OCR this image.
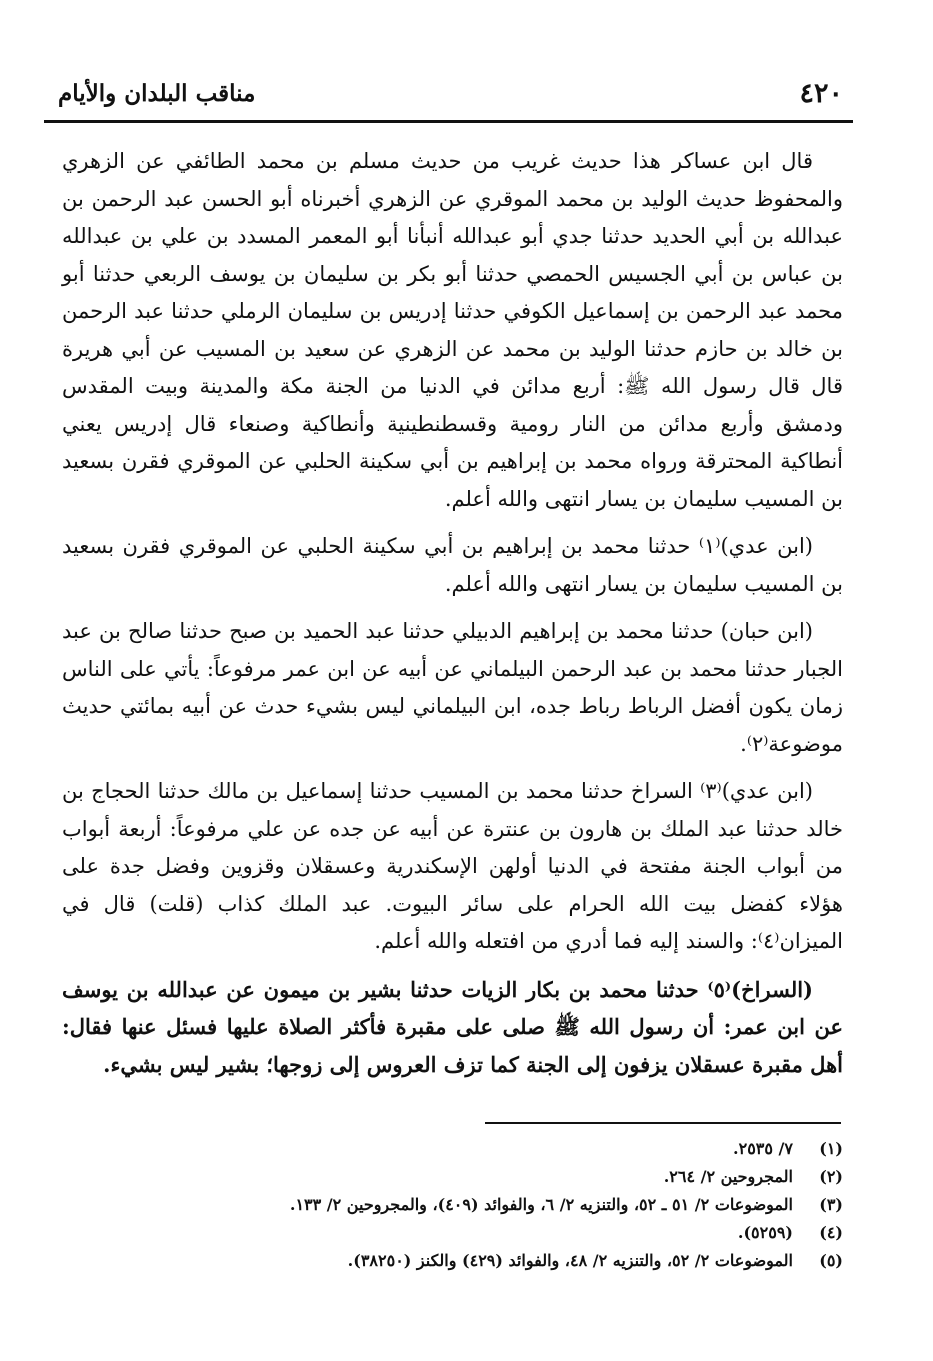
٤٢٠
مناقب البلدان والأيام

قال ابن عساكر هذا حديث غريب من حديث مسلم بن محمد الطائفي عن الزهري والمحفوظ حديث الوليد بن محمد الموقري عن الزهري أخبرناه أبو الحسن عبد الرحمن بن عبدالله بن أبي الحديد حدثنا جدي أبو عبدالله أنبأنا أبو المعمر المسدد بن علي بن عبدالله بن عباس بن أبي الجسيس الحمصي حدثنا أبو بكر بن سليمان بن يوسف الربعي حدثنا أبو محمد عبد الرحمن بن إسماعيل الكوفي حدثنا إدريس بن سليمان الرملي حدثنا عبد الرحمن بن خالد بن حازم حدثنا الوليد بن محمد عن الزهري عن سعيد بن المسيب عن أبي هريرة قال قال رسول الله ﷺ: أربع مدائن في الدنيا من الجنة مكة والمدينة وبيت المقدس ودمشق وأربع مدائن من النار رومية وقسطنطينية وأنطاكية وصنعاء قال إدريس يعني أنطاكية المحترقة ورواه محمد بن إبراهيم بن أبي سكينة الحلبي عن الموقري فقرن بسعيد بن المسيب سليمان بن يسار انتهى والله أعلم.

(ابن عدي)⁽١⁾ حدثنا محمد بن إبراهيم بن أبي سكينة الحلبي عن الموقري فقرن بسعيد بن المسيب سليمان بن يسار انتهى والله أعلم.

(ابن حبان) حدثنا محمد بن إبراهيم الدبيلي حدثنا عبد الحميد بن صبح حدثنا صالح بن عبد الجبار حدثنا محمد بن عبد الرحمن البيلماني عن أبيه عن ابن عمر مرفوعاً: يأتي على الناس زمان يكون أفضل الرباط رباط جده، ابن البيلماني ليس بشيء حدث عن أبيه بمائتي حديث موضوعة⁽٢⁾.

(ابن عدي)⁽٣⁾ السراخ حدثنا محمد بن المسيب حدثنا إسماعيل بن مالك حدثنا الحجاج بن خالد حدثنا عبد الملك بن هارون بن عنترة عن أبيه عن جده عن علي مرفوعاً: أربعة أبواب من أبواب الجنة مفتحة في الدنيا أولهن الإسكندرية وعسقلان وقزوين وفضل جدة على هؤلاء كفضل بيت الله الحرام على سائر البيوت. عبد الملك كذاب (قلت) قال في الميزان⁽٤⁾: والسند إليه فما أدري من افتعله والله أعلم.

(السراخ)⁽٥⁾ حدثنا محمد بن بكار الزيات حدثنا بشير بن ميمون عن عبدالله بن يوسف عن ابن عمر: أن رسول الله ﷺ صلى على مقبرة فأكثر الصلاة عليها فسئل عنها فقال: أهل مقبرة عسقلان يزفون إلى الجنة كما تزف العروس إلى زوجها؛ بشير ليس بشيء.

(١)
٧/ ٢٥٣٥.
(٢)
المجروحين ٢/ ٢٦٤.
(٣)
الموضوعات ٢/ ٥١ ـ ٥٢، والتنزيه ٢/ ٦، والفوائد (٤٠٩)، والمجروحين ٢/ ١٣٣.
(٤)
(٥٢٥٩).
(٥)
الموضوعات ٢/ ٥٢، والتنزيه ٢/ ٤٨، والفوائد (٤٢٩) والكنز (٣٨٢٥٠).
